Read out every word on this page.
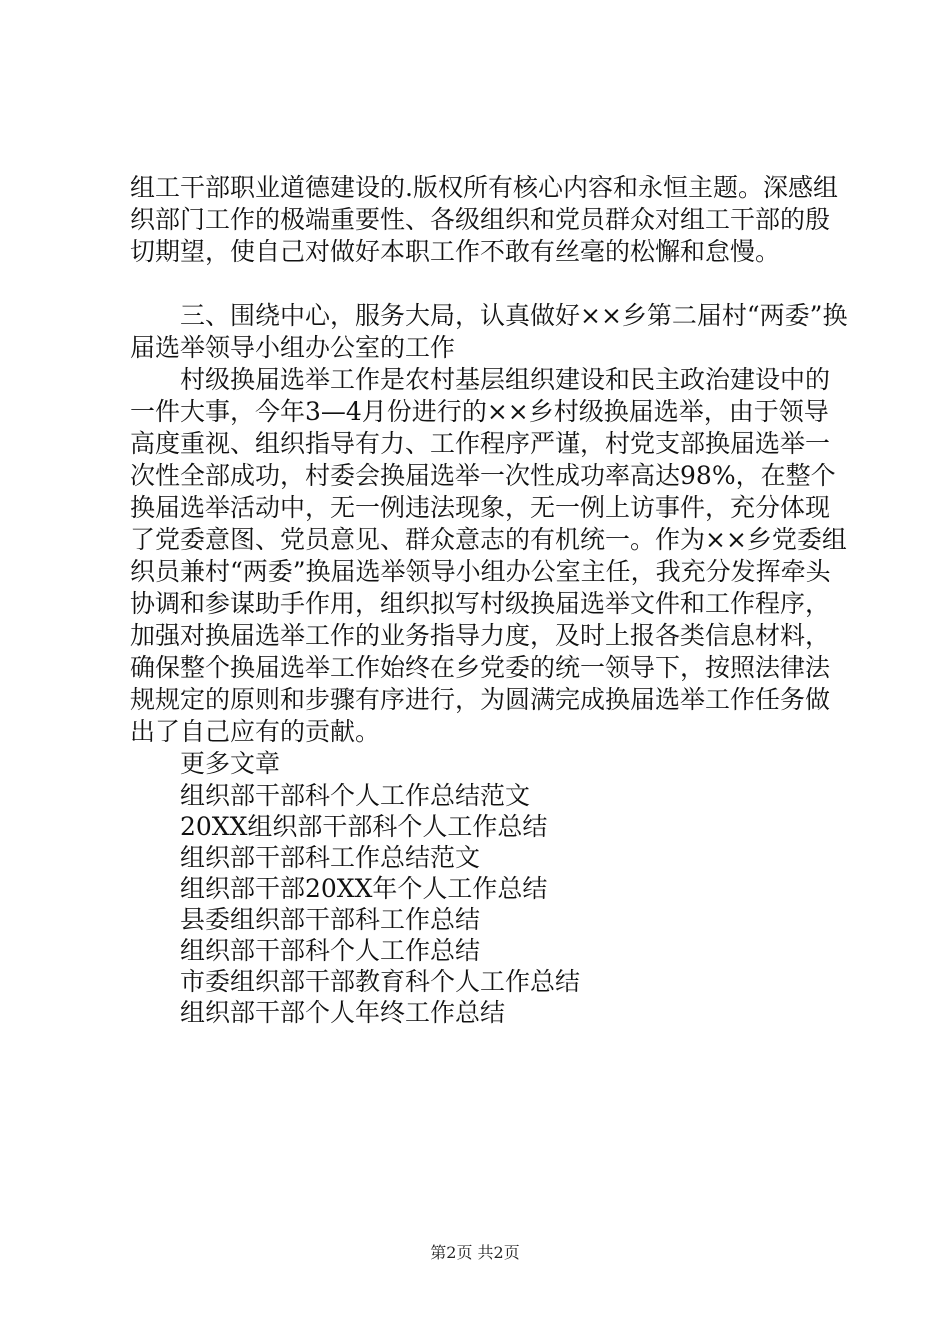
组工干部职业道德建设的.版权所有核心内容和永恒主题。深感组织部门工作的极端重要性、各级组织和党员群众对组工干部的殷切期望，使自己对做好本职工作不敢有丝毫的松懈和怠慢。

三、围绕中心，服务大局，认真做好××乡第二届村“两委”换届选举领导小组办公室的工作

村级换届选举工作是农村基层组织建设和民主政治建设中的一件大事，今年3—4月份进行的××乡村级换届选举，由于领导高度重视、组织指导有力、工作程序严谨，村党支部换届选举一次性全部成功，村委会换届选举一次性成功率高达98%，在整个换届选举活动中，无一例违法现象，无一例上访事件，充分体现了党委意图、党员意见、群众意志的有机统一。作为××乡党委组织员兼村“两委”换届选举领导小组办公室主任，我充分发挥牵头协调和参谋助手作用，组织拟写村级换届选举文件和工作程序，加强对换届选举工作的业务指导力度，及时上报各类信息材料，确保整个换届选举工作始终在乡党委的统一领导下，按照法律法规规定的原则和步骤有序进行，为圆满完成换届选举工作任务做出了自己应有的贡献。

更多文章

组织部干部科个人工作总结范文
20XX组织部干部科个人工作总结
组织部干部科工作总结范文
组织部干部20XX年个人工作总结
县委组织部干部科工作总结
组织部干部科个人工作总结
市委组织部干部教育科个人工作总结
组织部干部个人年终工作总结
第2页 共2页
